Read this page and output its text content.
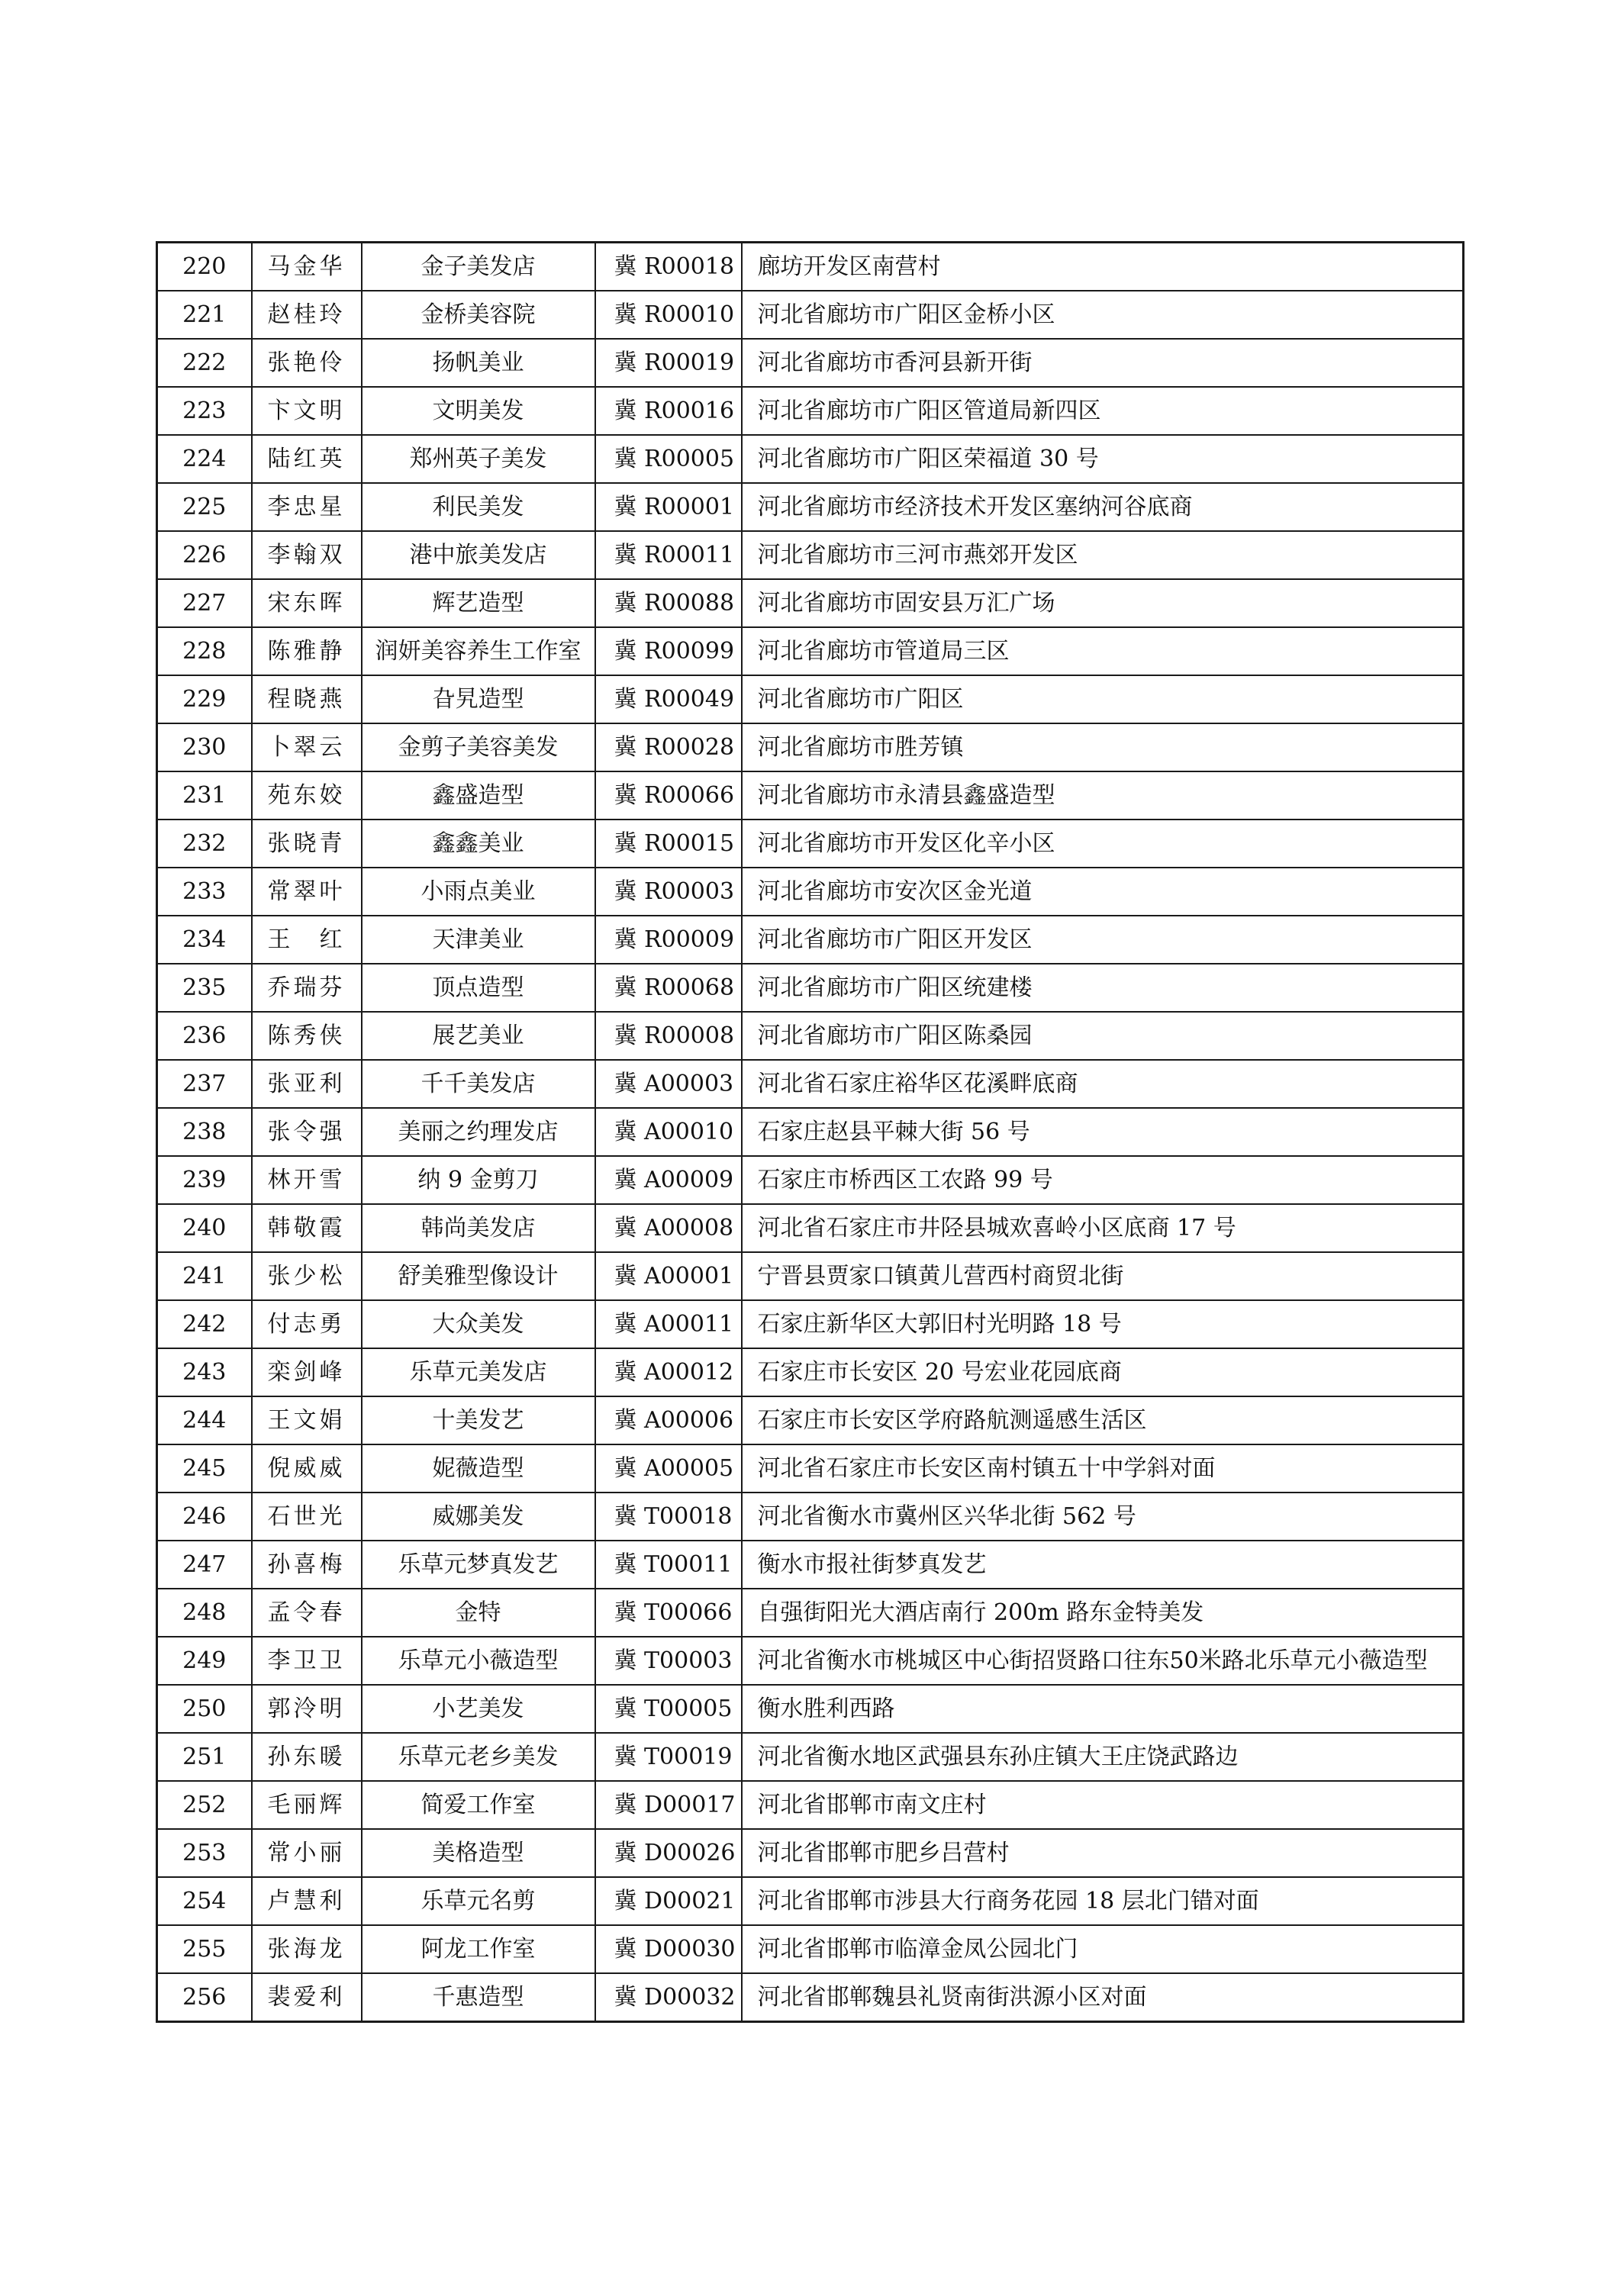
220	马金华	金子美发店	冀 R00018	廊坊开发区南营村
221	赵桂玲	金桥美容院	冀 R00010	河北省廊坊市广阳区金桥小区
222	张艳伶	扬帆美业	冀 R00019	河北省廊坊市香河县新开街
223	卞文明	文明美发	冀 R00016	河北省廊坊市广阳区管道局新四区
224	陆红英	郑州英子美发	冀 R00005	河北省廊坊市广阳区荣福道 30 号
225	李忠星	利民美发	冀 R00001	河北省廊坊市经济技术开发区塞纳河谷底商
226	李翰双	港中旅美发店	冀 R00011	河北省廊坊市三河市燕郊开发区
227	宋东晖	辉艺造型	冀 R00088	河北省廊坊市固安县万汇广场
228	陈雅静	润妍美容养生工作室	冀 R00099	河北省廊坊市管道局三区
229	程晓燕	旮旯造型	冀 R00049	河北省廊坊市广阳区
230	卜翠云	金剪子美容美发	冀 R00028	河北省廊坊市胜芳镇
231	苑东姣	鑫盛造型	冀 R00066	河北省廊坊市永清县鑫盛造型
232	张晓青	鑫鑫美业	冀 R00015	河北省廊坊市开发区化辛小区
233	常翠叶	小雨点美业	冀 R00003	河北省廊坊市安次区金光道
234	王　红	天津美业	冀 R00009	河北省廊坊市广阳区开发区
235	乔瑞芬	顶点造型	冀 R00068	河北省廊坊市广阳区统建楼
236	陈秀侠	展艺美业	冀 R00008	河北省廊坊市广阳区陈桑园
237	张亚利	千千美发店	冀 A00003	河北省石家庄裕华区花溪畔底商
238	张令强	美丽之约理发店	冀 A00010	石家庄赵县平棘大街 56 号
239	林开雪	纳 9 金剪刀	冀 A00009	石家庄市桥西区工农路 99 号
240	韩敬霞	韩尚美发店	冀 A00008	河北省石家庄市井陉县城欢喜岭小区底商 17 号
241	张少松	舒美雅型像设计	冀 A00001	宁晋县贾家口镇黄儿营西村商贸北街
242	付志勇	大众美发	冀 A00011	石家庄新华区大郭旧村光明路 18 号
243	栾剑峰	乐草元美发店	冀 A00012	石家庄市长安区 20 号宏业花园底商
244	王文娟	十美发艺	冀 A00006	石家庄市长安区学府路航测遥感生活区
245	倪威威	妮薇造型	冀 A00005	河北省石家庄市长安区南村镇五十中学斜对面
246	石世光	威娜美发	冀 T00018	河北省衡水市冀州区兴华北街 562 号
247	孙喜梅	乐草元梦真发艺	冀 T00011	衡水市报社街梦真发艺
248	孟令春	金特	冀 T00066	自强街阳光大酒店南行 200m 路东金特美发
249	李卫卫	乐草元小薇造型	冀 T00003	河北省衡水市桃城区中心街招贤路口往东50米路北乐草元小薇造型
250	郭泠明	小艺美发	冀 T00005	衡水胜利西路
251	孙东暖	乐草元老乡美发	冀 T00019	河北省衡水地区武强县东孙庄镇大王庄饶武路边
252	毛丽辉	简爱工作室	冀 D00017	河北省邯郸市南文庄村
253	常小丽	美格造型	冀 D00026	河北省邯郸市肥乡吕营村
254	卢慧利	乐草元名剪	冀 D00021	河北省邯郸市涉县大行商务花园 18 层北门错对面
255	张海龙	阿龙工作室	冀 D00030	河北省邯郸市临漳金凤公园北门
256	裴爱利	千惠造型	冀 D00032	河北省邯郸魏县礼贤南街洪源小区对面
